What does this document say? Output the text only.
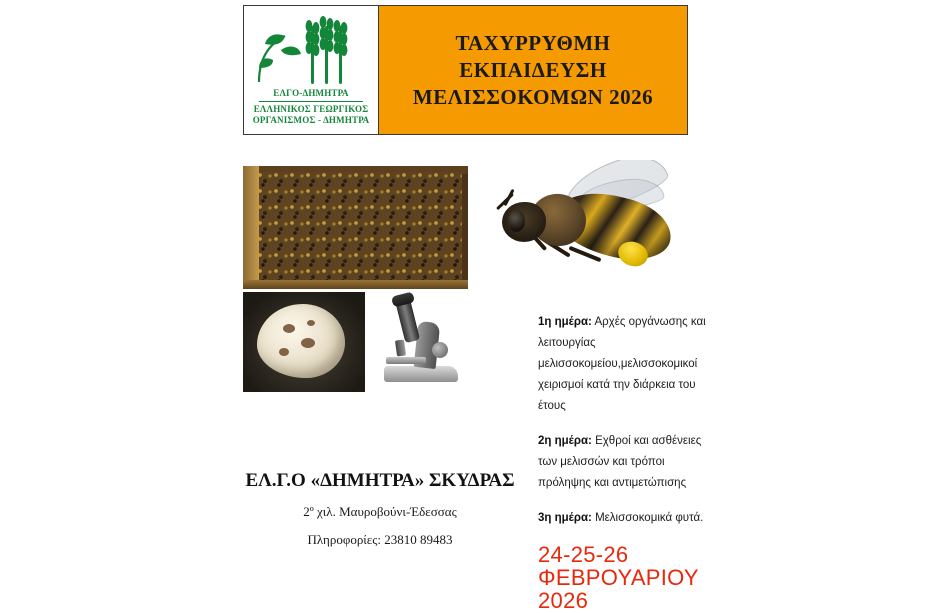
ΕΛΓΟ-ΔΗΜΗΤΡΑ
ΕΛΛΗΝΙΚΟΣ ΓΕΩΡΓΙΚΟΣ
ΟΡΓΑΝΙΣΜΟΣ - ΔΗΜΗΤΡΑ
ΤΑΧΥΡΡΥΘΜΗ
ΕΚΠΑΙΔΕΥΣΗ
ΜΕΛΙΣΣΟΚΟΜΩΝ 2026

1η ημέρα: Αρχές οργάνωσης και λειτουργίας μελισσοκομείου,μελισσοκομικοί χειρισμοί κατά την διάρκεια του έτους

2η ημέρα: Εχθροί και ασθένειες των μελισσών και τρόποι πρόληψης και αντιμετώπισης

3η ημέρα: Μελισσοκομικά φυτά.

24-25-26
ΦΕΒΡΟΥΑΡΙΟΥ
2026
ΕΛ.Γ.Ο «ΔΗΜΗΤΡΑ» ΣΚΥΔΡΑΣ
2º χιλ. Μαυροβούνι-Έδεσσας
Πληροφορίες: 23810 89483
